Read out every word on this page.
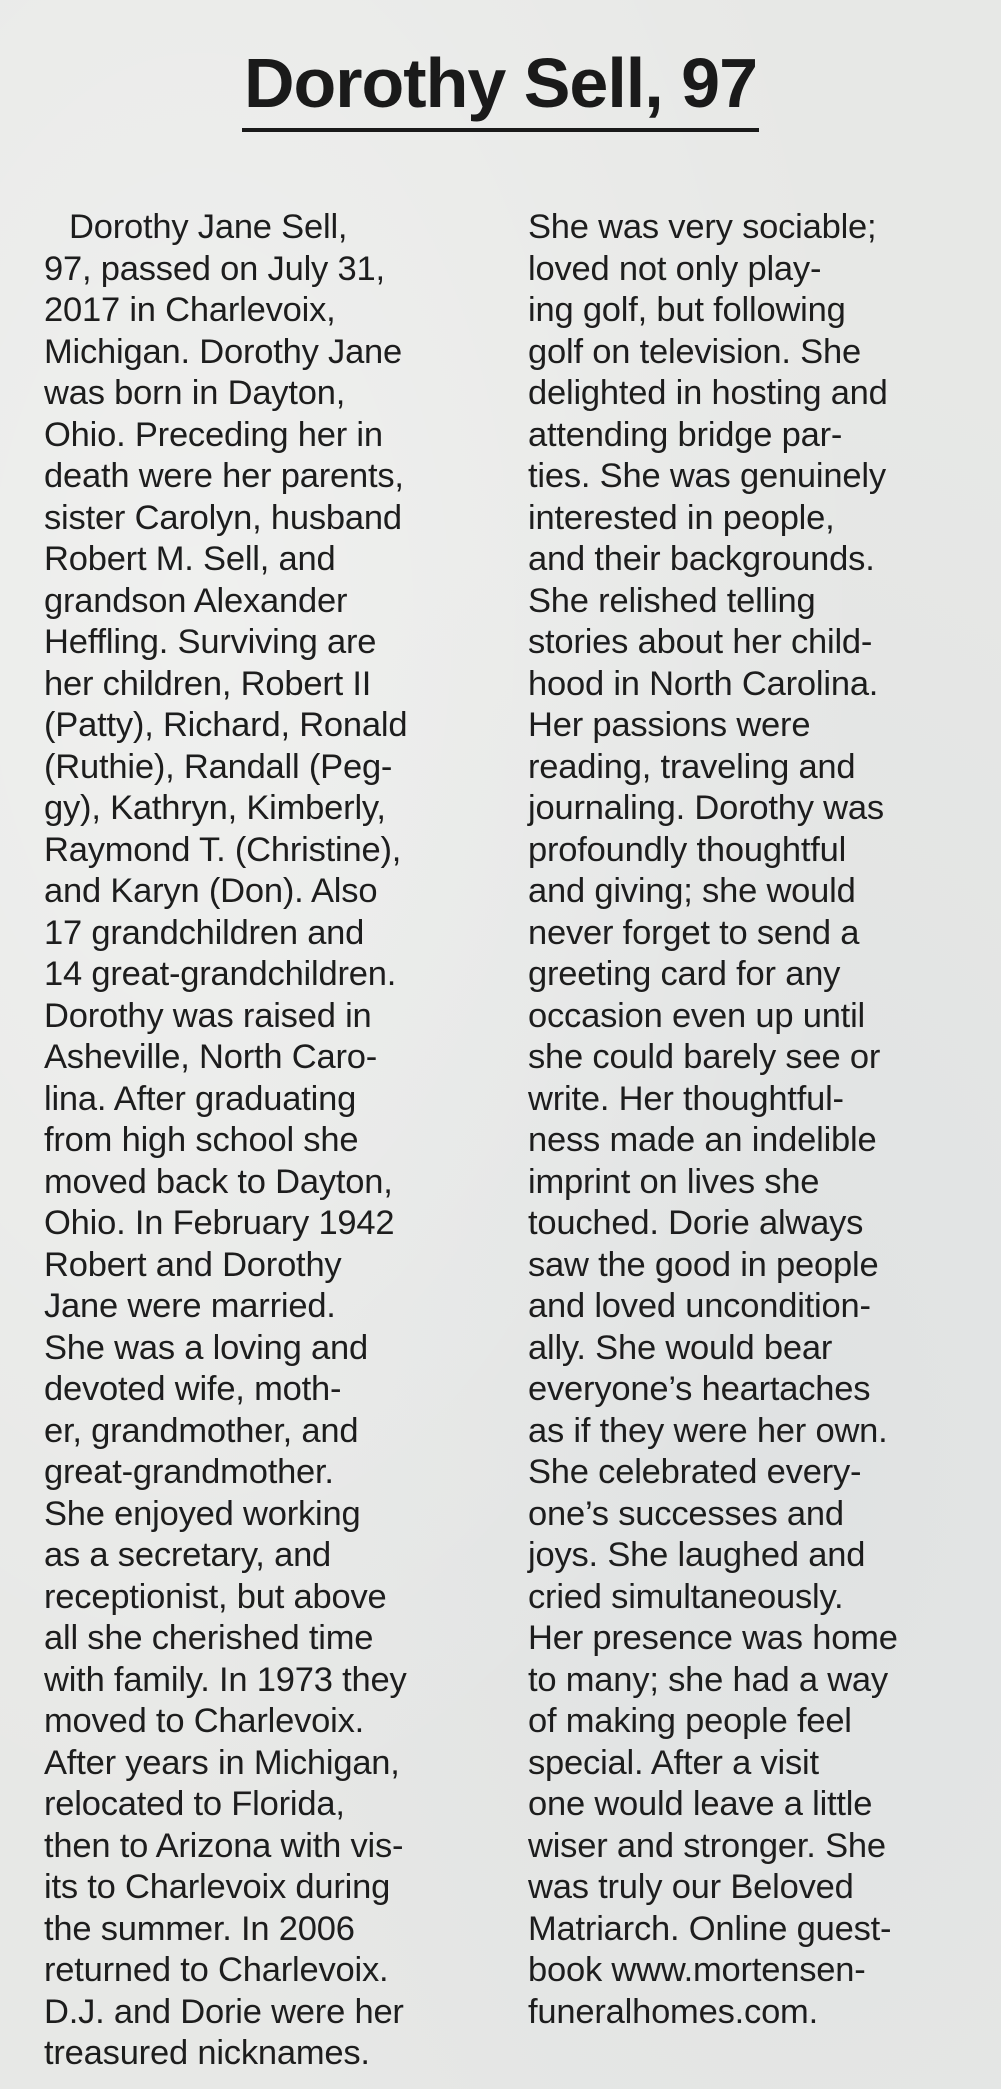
Dorothy Sell, 97
Dorothy Jane Sell,
97, passed on July 31,
2017 in Charlevoix,
Michigan. Dorothy Jane
was born in Dayton,
Ohio. Preceding her in
death were her parents,
sister Carolyn, husband
Robert M. Sell, and
grandson Alexander
Heffling. Surviving are
her children, Robert II
(Patty), Richard, Ronald
(Ruthie), Randall (Peg-
gy), Kathryn, Kimberly,
Raymond T. (Christine),
and Karyn (Don). Also
17 grandchildren and
14 great-grandchildren.
Dorothy was raised in
Asheville, North Caro-
lina. After graduating
from high school she
moved back to Dayton,
Ohio. In February 1942
Robert and Dorothy
Jane were married.
She was a loving and
devoted wife, moth-
er, grandmother, and
great-grandmother.
She enjoyed working
as a secretary, and
receptionist, but above
all she cherished time
with family. In 1973 they
moved to Charlevoix.
After years in Michigan,
relocated to Florida,
then to Arizona with vis-
its to Charlevoix during
the summer. In 2006
returned to Charlevoix.
D.J. and Dorie were her
treasured nicknames.
She was very sociable;
loved not only play-
ing golf, but following
golf on television. She
delighted in hosting and
attending bridge par-
ties. She was genuinely
interested in people,
and their backgrounds.
She relished telling
stories about her child-
hood in North Carolina.
Her passions were
reading, traveling and
journaling. Dorothy was
profoundly thoughtful
and giving; she would
never forget to send a
greeting card for any
occasion even up until
she could barely see or
write. Her thoughtful-
ness made an indelible
imprint on lives she
touched. Dorie always
saw the good in people
and loved uncondition-
ally. She would bear
everyone’s heartaches
as if they were her own.
She celebrated every-
one’s successes and
joys. She laughed and
cried simultaneously.
Her presence was home
to many; she had a way
of making people feel
special. After a visit
one would leave a little
wiser and stronger. She
was truly our Beloved
Matriarch. Online guest-
book www.mortensen-
funeralhomes.com.
